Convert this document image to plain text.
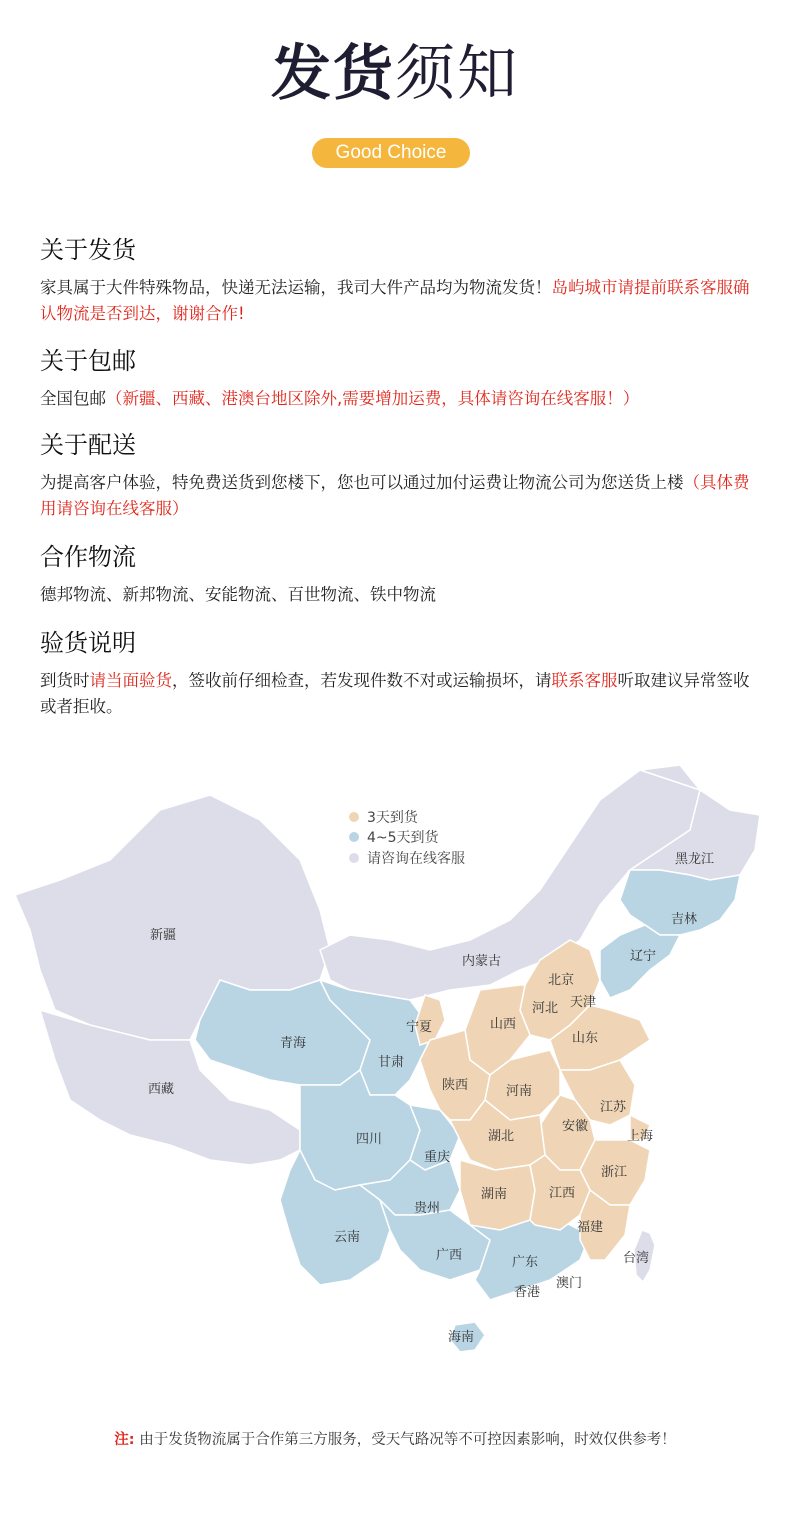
发货须知
Good Choice
关于发货

家具属于大件特殊物品，快递无法运输，我司大件产品均为物流发货！岛屿城市请提前联系客服确认物流是否到达，谢谢合作!

关于包邮

全国包邮（新疆、西藏、港澳台地区除外,需要增加运费，具体请咨询在线客服！）

关于配送

为提高客户体验，特免费送货到您楼下，您也可以通过加付运费让物流公司为您送货上楼（具体费用请咨询在线客服）

合作物流

德邦物流、新邦物流、安能物流、百世物流、铁中物流

验货说明

到货时请当面验货，签收前仔细检查，若发现件数不对或运输损坏，请联系客服听取建议异常签收或者拒收。

3天到货
4~5天到货
请咨询在线客服	黑龙江
吉林
辽宁
新疆
内蒙古
北京
天津
河北
宁夏	山西
山东
青海
甘肃
陕西	河南
西藏
江苏
安徽
四川	湖北	上海
重庆
浙江
湖南	江西
贵州
云南
福建
台湾
广西	广东
澳门
香港
海南
注: 由于发货物流属于合作第三方服务，受天气路况等不可控因素影响，时效仅供参考！
